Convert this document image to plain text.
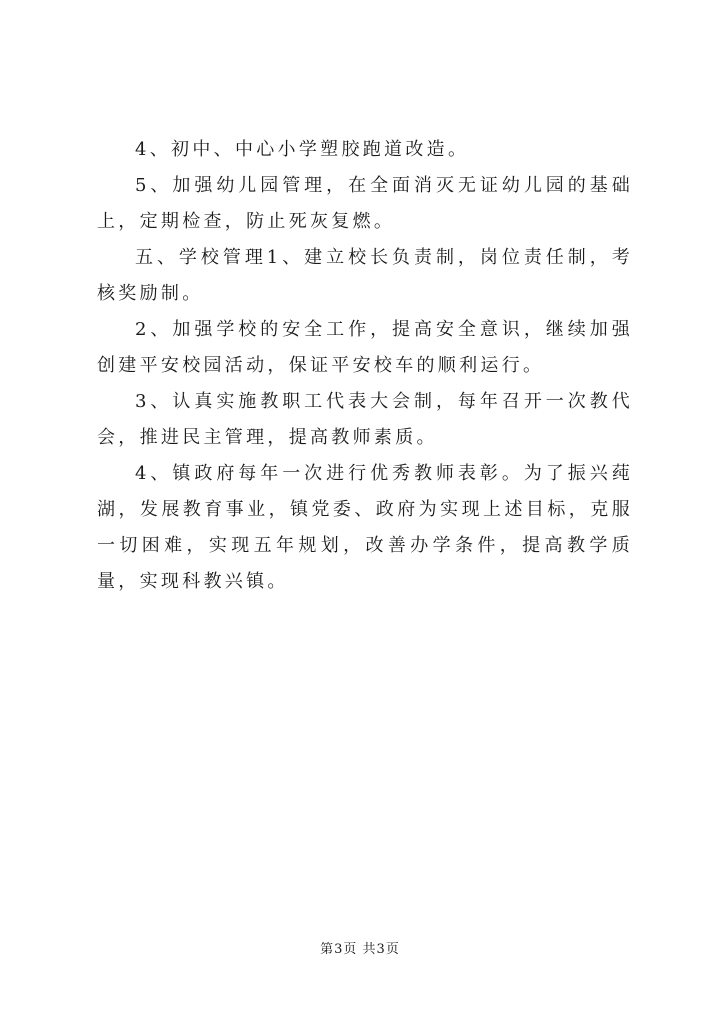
4、初中、中心小学塑胶跑道改造。

5、加强幼儿园管理，在全面消灭无证幼儿园的基础上，定期检查，防止死灰复燃。

五、学校管理1、建立校长负责制，岗位责任制，考核奖励制。

2、加强学校的安全工作，提高安全意识，继续加强创建平安校园活动，保证平安校车的顺利运行。

3、认真实施教职工代表大会制，每年召开一次教代会，推进民主管理，提高教师素质。

4、镇政府每年一次进行优秀教师表彰。为了振兴莼湖，发展教育事业，镇党委、政府为实现上述目标，克服一切困难，实现五年规划，改善办学条件，提高教学质量，实现科教兴镇。

第3页 共3页
